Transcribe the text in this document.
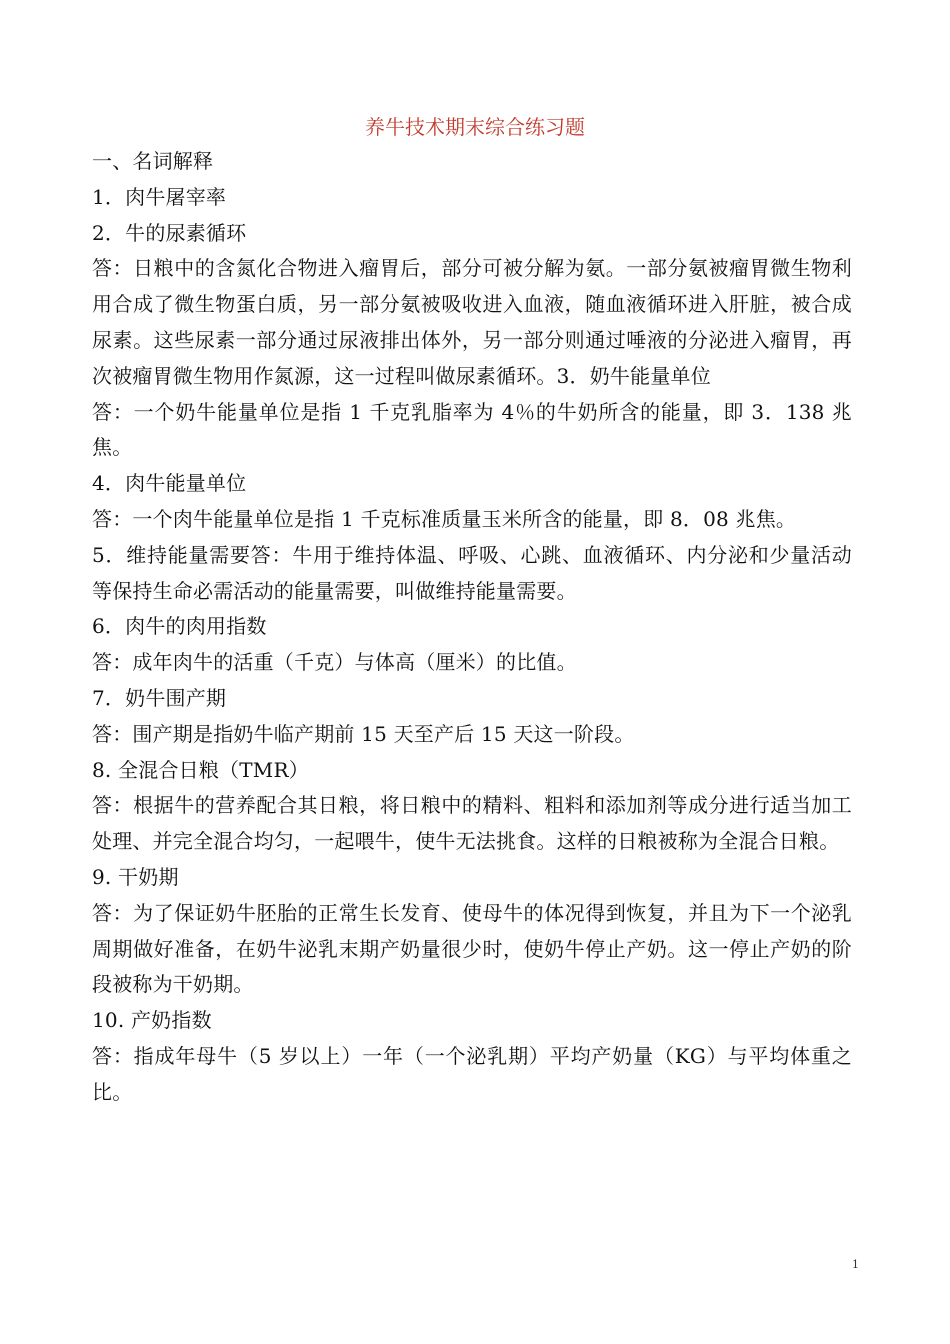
养牛技术期末综合练习题

一、名词解释

1．肉牛屠宰率

2．牛的尿素循环

答：日粮中的含氮化合物进入瘤胃后，部分可被分解为氨。一部分氨被瘤胃微生物利用合成了微生物蛋白质，另一部分氨被吸收进入血液，随血液循环进入肝脏，被合成尿素。这些尿素一部分通过尿液排出体外，另一部分则通过唾液的分泌进入瘤胃，再次被瘤胃微生物用作氮源，这一过程叫做尿素循环。3．奶牛能量单位

答：一个奶牛能量单位是指 1 千克乳脂率为 4％的牛奶所含的能量，即 3．138 兆焦。

4．肉牛能量单位

答：一个肉牛能量单位是指 1 千克标准质量玉米所含的能量，即 8．08 兆焦。

5．维持能量需要答：牛用于维持体温、呼吸、心跳、血液循环、内分泌和少量活动等保持生命必需活动的能量需要，叫做维持能量需要。

6．肉牛的肉用指数

答：成年肉牛的活重（千克）与体高（厘米）的比值。

7．奶牛围产期

答：围产期是指奶牛临产期前 15 天至产后 15 天这一阶段。

8. 全混合日粮（TMR）

答：根据牛的营养配合其日粮，将日粮中的精料、粗料和添加剂等成分进行适当加工处理、并完全混合均匀，一起喂牛，使牛无法挑食。这样的日粮被称为全混合日粮。

9. 干奶期

答：为了保证奶牛胚胎的正常生长发育、使母牛的体况得到恢复，并且为下一个泌乳周期做好准备，在奶牛泌乳末期产奶量很少时，使奶牛停止产奶。这一停止产奶的阶段被称为干奶期。

10. 产奶指数

答：指成年母牛（5 岁以上）一年（一个泌乳期）平均产奶量（KG）与平均体重之比。

1
